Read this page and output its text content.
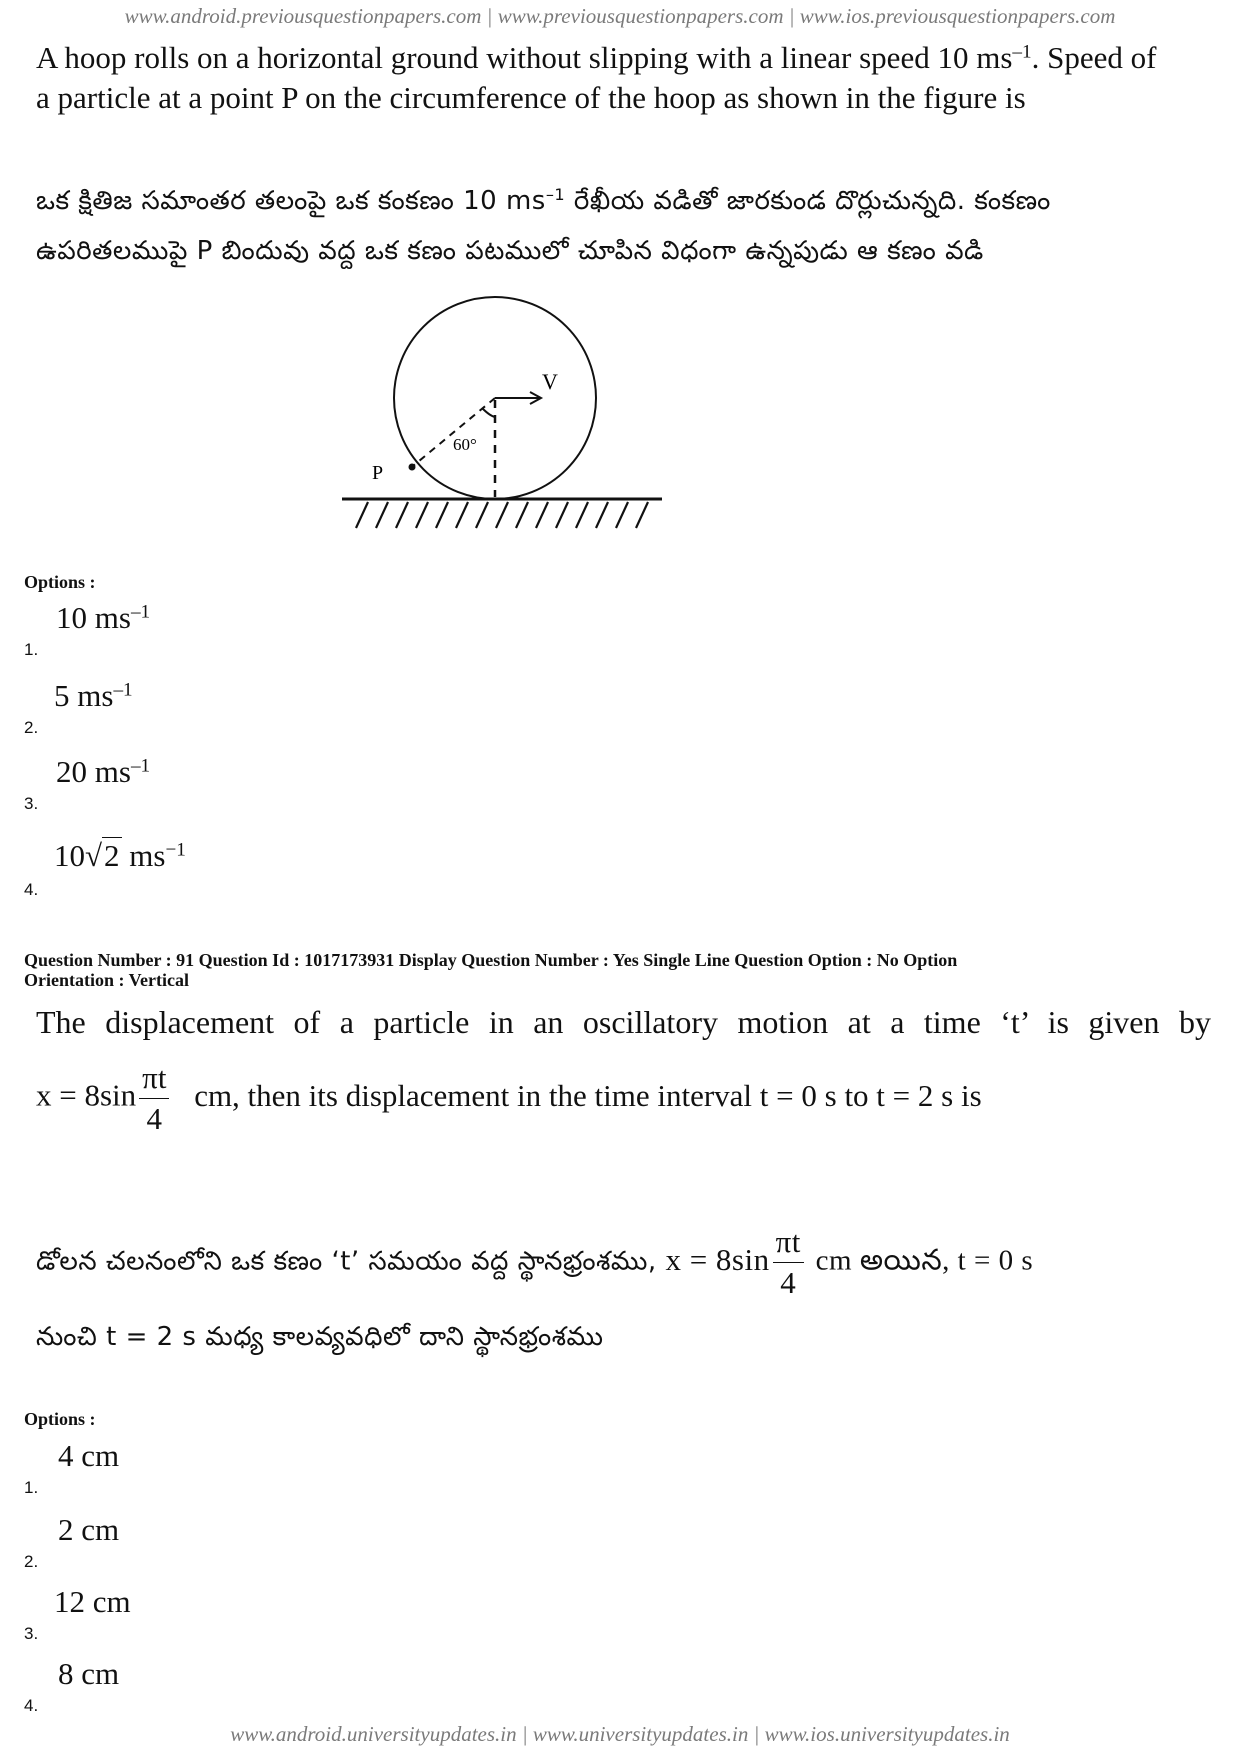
www.android.previousquestionpapers.com | www.previousquestionpapers.com | www.ios.previousquestionpapers.com
A hoop rolls on a horizontal ground without slipping with a linear speed 10 $ms^{-1}$. Speed of
a particle at a point P on the circumference of the hoop as shown in the figure is
ఒక క్షితిజ సమాంతర తలంపై ఒక కంకణం 10 $ms^{-1}$ రేఖీయ వడితో జారకుండ దొర్లుచున్నది. కంకణం
ఉపరితలముపై P బిందువు వద్ద ఒక కణం పటములో చూపిన విధంగా ఉన్నపుడు ఆ కణం వడి
V
P
60°
Options :
1.
10 $ms^{-1}$
2.
5 $ms^{-1}$
3.
20 $ms^{-1}$
4.
10√2 $ms^{-1}$
Question Number : 91 Question Id : 1017173931 Display Question Number : Yes Single Line Question Option : No Option
Orientation : Vertical
The displacement of a particle in an oscillatory motion at a time ‘t’ is given by
$x = 8\sin \frac{\pi t}{4}$ cm, then its displacement in the time interval t = 0 s to t = 2 s is
డోలన చలనంలోని ఒక కణం ‘t’ సమయం వద్ద స్థానభ్రంశము, $x = 8\sin \frac{\pi t}{4}$ cm అయిన, t = 0 s
నుంచి t = 2 s మధ్య కాలవ్యవధిలో దాని స్థానభ్రంశము
Options :
1.
4 cm
2.
2 cm
3.
12 cm
4.
8 cm
www.android.universityupdates.in | www.universityupdates.in | www.ios.universityupdates.in
